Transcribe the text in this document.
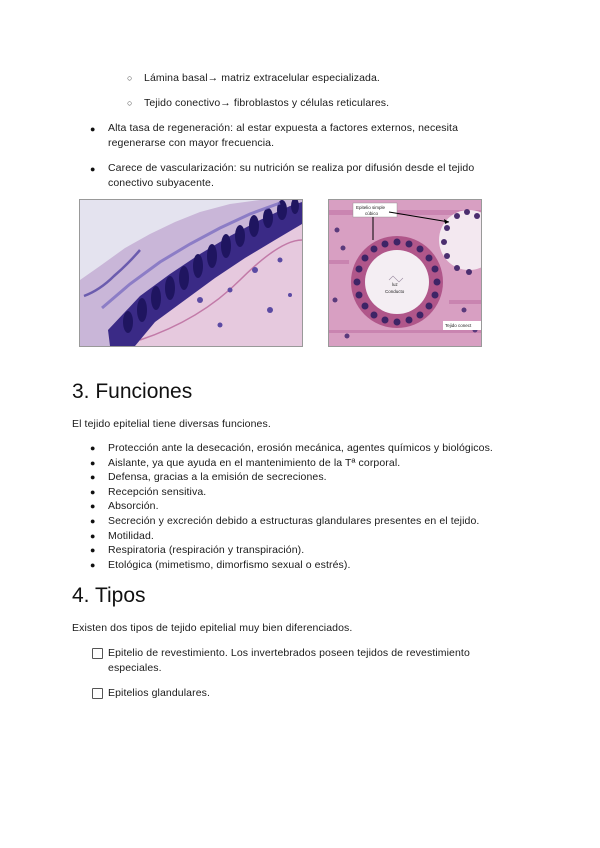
○ Lámina basal→ matriz extracelular especializada.
○ Tejido conectivo→ fibroblastos y células reticulares.
● Alta tasa de regeneración: al estar expuesta a factores externos, necesita
regenerarse con mayor frecuencia.
● Carece de vascularización: su nutrición se realiza por difusión desde el tejido
conectivo subyacente.
Epitelio simple
cúbico
luz
Conducto
Tejido conect
3. Funciones
El tejido epitelial tiene diversas funciones.
● Protección ante la desecación, erosión mecánica, agentes químicos y biológicos.
● Aislante, ya que ayuda en el mantenimiento de la Tª corporal.
● Defensa, gracias a la emisión de secreciones.
● Recepción sensitiva.
● Absorción.
● Secreción y excreción debido a estructuras glandulares presentes en el tejido.
● Motilidad.
● Respiratoria (respiración y transpiración).
● Etológica (mimetismo, dimorfismo sexual o estrés).
4. Tipos
Existen dos tipos de tejido epitelial muy bien diferenciados.
Epitelio de revestimiento. Los invertebrados poseen tejidos de revestimiento
especiales.
Epitelios glandulares.
